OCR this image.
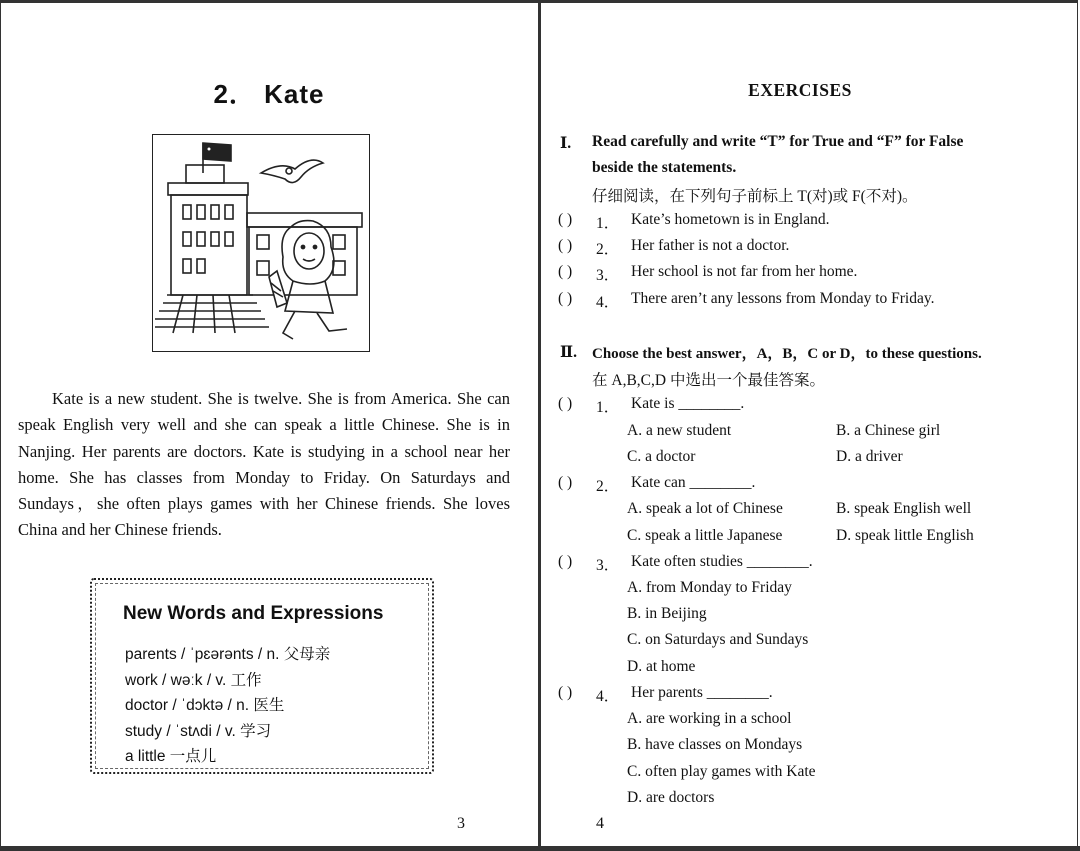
2． Kate

Kate is a new student. She is twelve. She is from America. She can speak English very well and she can speak a little Chinese. She is in Nanjing. Her parents are doctors. Kate is studying in a school near her home. She has classes from Monday to Friday. On Saturdays and Sundays，she often plays games with her Chinese friends. She loves China and her Chinese friends.

New Words and Expressions
parents / ˈpɛərənts / n. 父母亲
work / wəːk / v. 工作
doctor / ˈdɔktə / n. 医生
study / ˈstʌdi / v. 学习
a little 一点儿
3
EXERCISES
Ⅰ. Read carefully and write “T” for True and “F” for False
beside the statements.
仔细阅读，在下列句子前标上 T(对)或 F(不对)。
( ) 1． Kate’s hometown is in England.
( ) 2． Her father is not a doctor.
( ) 3． Her school is not far from her home.
( ) 4． There aren’t any lessons from Monday to Friday.
Ⅱ. Choose the best answer，A，B，C or D，to these questions.
在 A,B,C,D 中选出一个最佳答案。
( ) 1． Kate is ________.
A. a new student	B. a Chinese girl
C. a doctor	D. a driver
( ) 2． Kate can ________.
A. speak a lot of Chinese	B. speak English well
C. speak a little Japanese	D. speak little English
( ) 3． Kate often studies ________.
A. from Monday to Friday
B. in Beijing
C. on Saturdays and Sundays
D. at home
( ) 4． Her parents ________.
A. are working in a school
B. have classes on Mondays
C. often play games with Kate
D. are doctors
4
